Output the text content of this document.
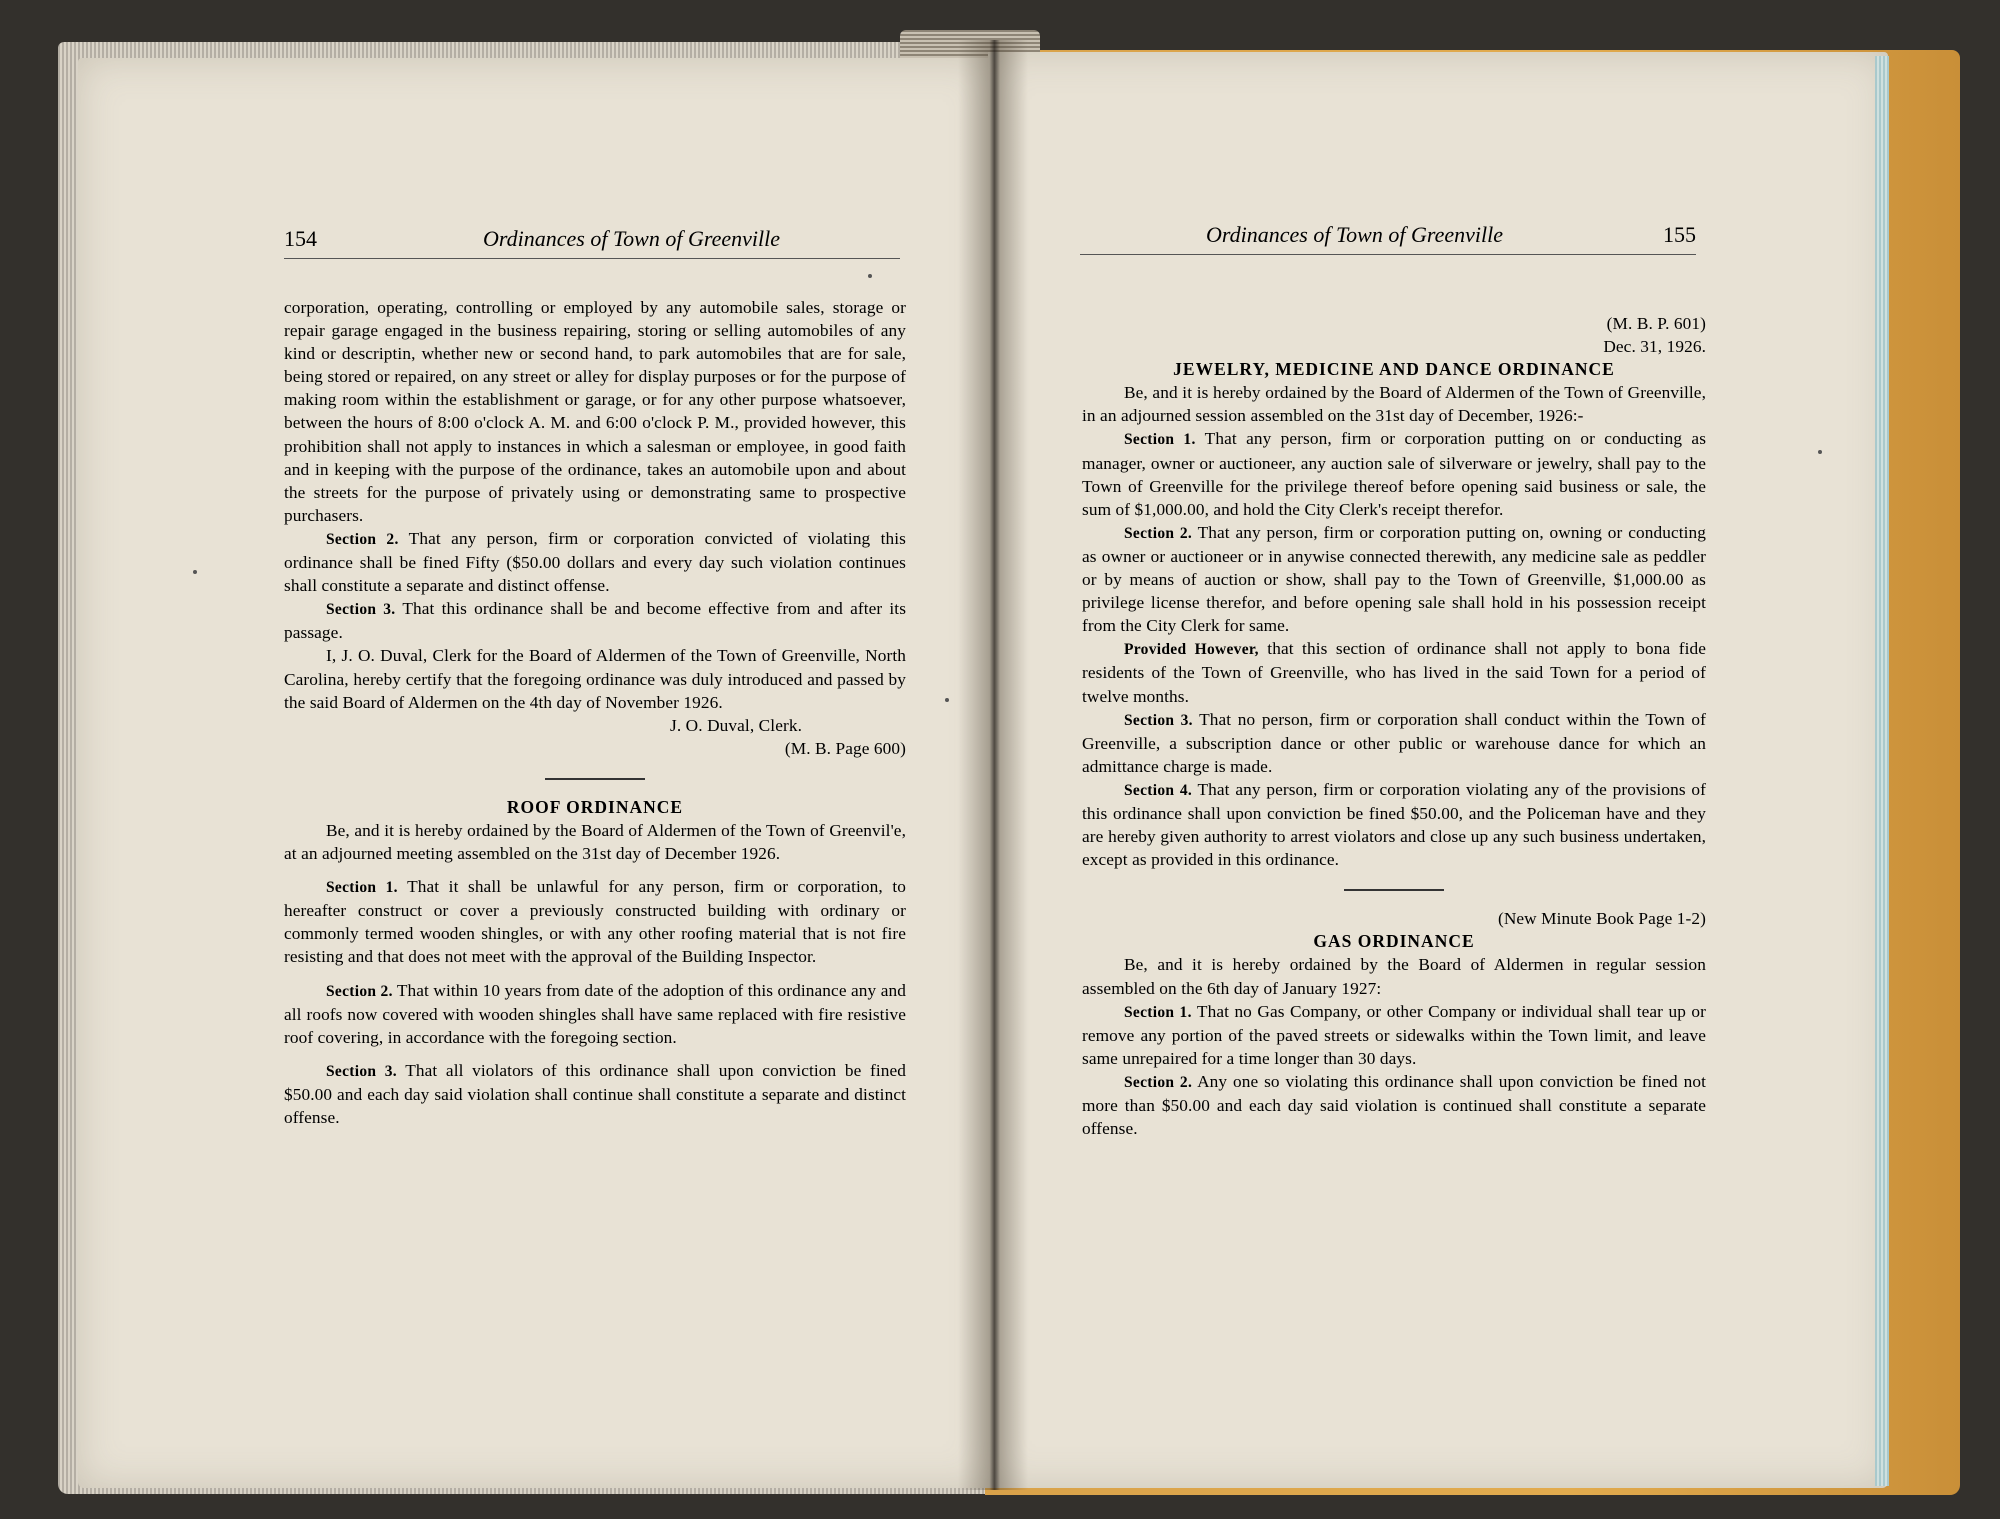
154	Ordinances of Town of Greenville

corporation, operating, controlling or employed by any automobile sales, storage or repair garage engaged in the business repairing, storing or selling automobiles of any kind or descriptin, whether new or second hand, to park automobiles that are for sale, being stored or repaired, on any street or alley for display purposes or for the purpose of making room within the establishment or garage, or for any other purpose whatsoever, between the hours of 8:00 o'clock A. M. and 6:00 o'clock P. M., provided however, this prohibition shall not apply to instances in which a salesman or employee, in good faith and in keeping with the purpose of the ordinance, takes an automobile upon and about the streets for the purpose of privately using or demonstrating same to prospective purchasers.

Section 2. That any person, firm or corporation convicted of violating this ordinance shall be fined Fifty ($50.00 dollars and every day such violation continues shall constitute a separate and distinct offense.

Section 3. That this ordinance shall be and become effective from and after its passage.

I, J. O. Duval, Clerk for the Board of Aldermen of the Town of Greenville, North Carolina, hereby certify that the foregoing ordinance was duly introduced and passed by the said Board of Aldermen on the 4th day of November 1926.

J. O. Duval, Clerk.

(M. B. Page 600)

ROOF ORDINANCE

Be, and it is hereby ordained by the Board of Aldermen of the Town of Greenvil'e, at an adjourned meeting assembled on the 31st day of December 1926.

Section 1. That it shall be unlawful for any person, firm or corporation, to hereafter construct or cover a previously constructed building with ordinary or commonly termed wooden shingles, or with any other roofing material that is not fire resisting and that does not meet with the approval of the Building Inspector.

Section 2. That within 10 years from date of the adoption of this ordinance any and all roofs now covered with wooden shingles shall have same replaced with fire resistive roof covering, in accordance with the foregoing section.

Section 3. That all violators of this ordinance shall upon conviction be fined $50.00 and each day said violation shall continue shall constitute a separate and distinct offense.

Ordinances of Town of Greenville	155

(M. B. P. 601)

Dec. 31, 1926.

JEWELRY, MEDICINE AND DANCE ORDINANCE

Be, and it is hereby ordained by the Board of Aldermen of the Town of Greenville, in an adjourned session assembled on the 31st day of December, 1926:-

Section 1. That any person, firm or corporation putting on or conducting as manager, owner or auctioneer, any auction sale of silverware or jewelry, shall pay to the Town of Greenville for the privilege thereof before opening said business or sale, the sum of $1,000.00, and hold the City Clerk's receipt therefor.

Section 2. That any person, firm or corporation putting on, owning or conducting as owner or auctioneer or in anywise connected therewith, any medicine sale as peddler or by means of auction or show, shall pay to the Town of Greenville, $1,000.00 as privilege license therefor, and before opening sale shall hold in his possession receipt from the City Clerk for same.

Provided However, that this section of ordinance shall not apply to bona fide residents of the Town of Greenville, who has lived in the said Town for a period of twelve months.

Section 3. That no person, firm or corporation shall conduct within the Town of Greenville, a subscription dance or other public or warehouse dance for which an admittance charge is made.

Section 4. That any person, firm or corporation violating any of the provisions of this ordinance shall upon conviction be fined $50.00, and the Policeman have and they are hereby given authority to arrest violators and close up any such business undertaken, except as provided in this ordinance.

(New Minute Book Page 1-2)

GAS ORDINANCE

Be, and it is hereby ordained by the Board of Aldermen in regular session assembled on the 6th day of January 1927:

Section 1. That no Gas Company, or other Company or individual shall tear up or remove any portion of the paved streets or sidewalks within the Town limit, and leave same unrepaired for a time longer than 30 days.

Section 2. Any one so violating this ordinance shall upon conviction be fined not more than $50.00 and each day said violation is continued shall constitute a separate offense.
